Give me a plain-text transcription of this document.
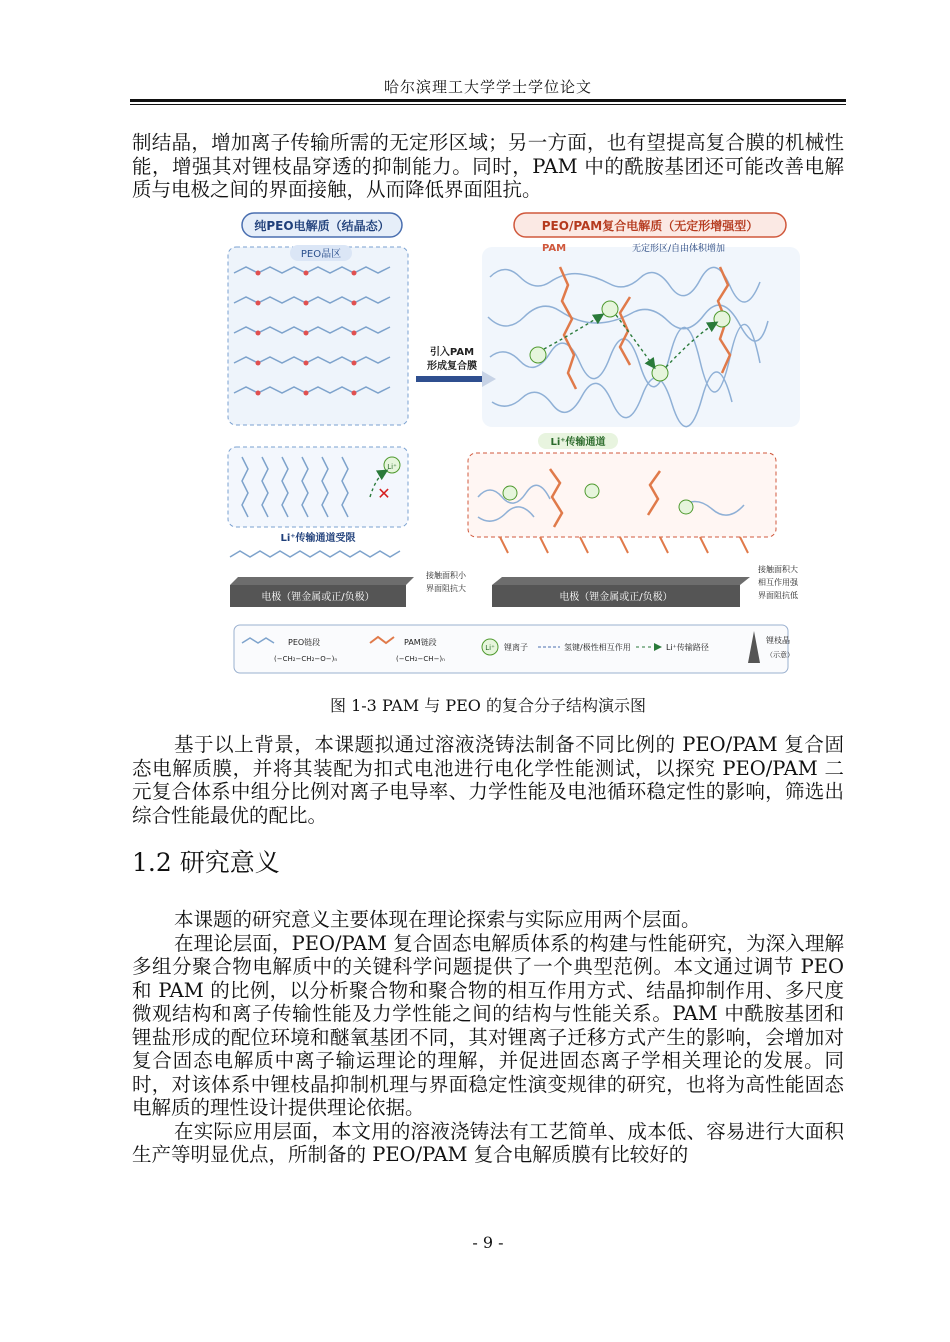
哈尔滨理工大学学士学位论文
制结晶，增加离子传输所需的无定形区域；另一方面，也有望提高复合膜的机械性能，增强其对锂枝晶穿透的抑制能力。同时，PAM 中的酰胺基团还可能改善电解质与电极之间的界面接触，从而降低界面阻抗。
纯PEO电解质（结晶态）	PEO/PAM复合电解质（无定形增强型）
PEO晶区
引入PAM
形成复合膜
PAM	无定形区/自由体积增加
Li⁺传输通道
Li⁺
✕
Li⁺传输通道受限
电极（锂金属或正/负极）
接触面积小
界面阻抗大
电极（锂金属或正/负极）
接触面积大
相互作用强
界面阻抗低
PEO链段
(−CH₂−CH₂−O−)ₙ
PAM链段
(−CH₂−CH−)ₙ
Li⁺ 锂离子	氢键/极性相互作用	Li⁺传输路径
锂枝晶
（示意）
图 1-3 PAM 与 PEO 的复合分子结构演示图
基于以上背景，本课题拟通过溶液浇铸法制备不同比例的 PEO/PAM 复合固态电解质膜，并将其装配为扣式电池进行电化学性能测试，以探究 PEO/PAM 二元复合体系中组分比例对离子电导率、力学性能及电池循环稳定性的影响，筛选出综合性能最优的配比。
1.2 研究意义
本课题的研究意义主要体现在理论探索与实际应用两个层面。
在理论层面，PEO/PAM 复合固态电解质体系的构建与性能研究，为深入理解多组分聚合物电解质中的关键科学问题提供了一个典型范例。本文通过调节 PEO 和 PAM 的比例，以分析聚合物和聚合物的相互作用方式、结晶抑制作用、多尺度微观结构和离子传输性能及力学性能之间的结构与性能关系。PAM 中酰胺基团和锂盐形成的配位环境和醚氧基团不同，其对锂离子迁移方式产生的影响，会增加对复合固态电解质中离子输运理论的理解，并促进固态离子学相关理论的发展。同时，对该体系中锂枝晶抑制机理与界面稳定性演变规律的研究，也将为高性能固态电解质的理性设计提供理论依据。
在实际应用层面，本文用的溶液浇铸法有工艺简单、成本低、容易进行大面积生产等明显优点，所制备的 PEO/PAM 复合电解质膜有比较好的
- 9 -
